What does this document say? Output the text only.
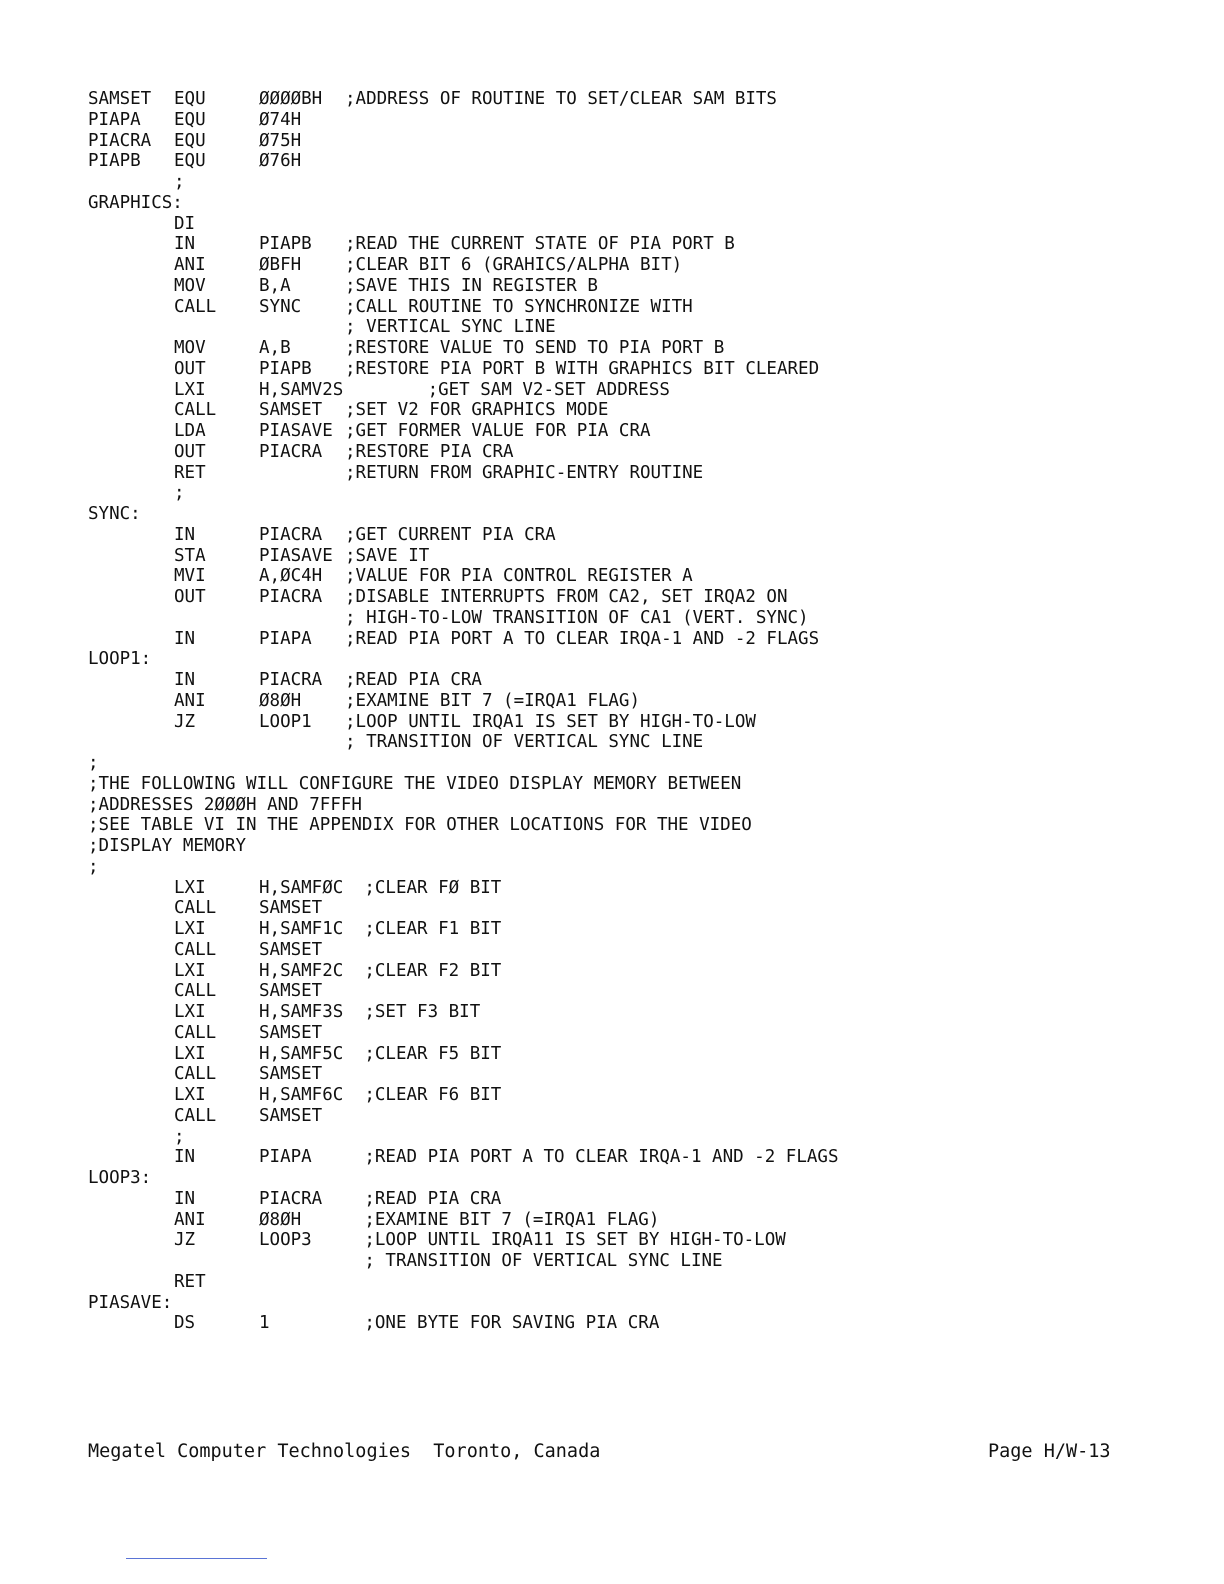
SAMSET EQU	ØØØØBH ;ADDRESS OF ROUTINE TO SET/CLEAR SAM BITS
PIAPA EQU	Ø74H
PIACRA EQU	Ø75H
PIAPB EQU	Ø76H
;
GRAPHICS:
DI
IN	PIAPB ;READ THE CURRENT STATE OF PIA PORT B
ANI	ØBFH	;CLEAR BIT 6 (GRAHICS/ALPHA BIT)
MOV	B,A	;SAVE THIS IN REGISTER B
CALL SYNC	;CALL ROUTINE TO SYNCHRONIZE WITH
; VERTICAL SYNC LINE
MOV	A,B	;RESTORE VALUE TO SEND TO PIA PORT B
OUT	PIAPB ;RESTORE PIA PORT B WITH GRAPHICS BIT CLEARED
LXI	H,SAMV2S        ;GET SAM V2-SET ADDRESS
CALL SAMSET ;SET V2 FOR GRAPHICS MODE
LDA	PIASAVE ;GET FORMER VALUE FOR PIA CRA
OUT	PIACRA ;RESTORE PIA CRA
RET	;RETURN FROM GRAPHIC-ENTRY ROUTINE
;
SYNC:
IN	PIACRA ;GET CURRENT PIA CRA
STA	PIASAVE ;SAVE IT
MVI	A,ØC4H ;VALUE FOR PIA CONTROL REGISTER A
OUT	PIACRA ;DISABLE INTERRUPTS FROM CA2, SET IRQA2 ON
; HIGH-TO-LOW TRANSITION OF CA1 (VERT. SYNC)
IN	PIAPA ;READ PIA PORT A TO CLEAR IRQA-1 AND -2 FLAGS
LOOP1:
IN	PIACRA ;READ PIA CRA
ANI	Ø8ØH	;EXAMINE BIT 7 (=IRQA1 FLAG)
JZ	LOOP1 ;LOOP UNTIL IRQA1 IS SET BY HIGH-TO-LOW
; TRANSITION OF VERTICAL SYNC LINE
;
;THE FOLLOWING WILL CONFIGURE THE VIDEO DISPLAY MEMORY BETWEEN
;ADDRESSES 2ØØØH AND 7FFFH
;SEE TABLE VI IN THE APPENDIX FOR OTHER LOCATIONS FOR THE VIDEO
;DISPLAY MEMORY
;
LXI	H,SAMFØC  ;CLEAR FØ BIT
CALL SAMSET
LXI	H,SAMF1C  ;CLEAR F1 BIT
CALL SAMSET
LXI	H,SAMF2C  ;CLEAR F2 BIT
CALL SAMSET
LXI	H,SAMF3S  ;SET F3 BIT
CALL SAMSET
LXI	H,SAMF5C  ;CLEAR F5 BIT
CALL SAMSET
LXI	H,SAMF6C  ;CLEAR F6 BIT
CALL SAMSET
;
IN	PIAPA     ;READ PIA PORT A TO CLEAR IRQA-1 AND -2 FLAGS
LOOP3:
IN	PIACRA    ;READ PIA CRA
ANI	Ø8ØH      ;EXAMINE BIT 7 (=IRQA1 FLAG)
JZ	LOOP3     ;LOOP UNTIL IRQA11 IS SET BY HIGH-TO-LOW
; TRANSITION OF VERTICAL SYNC LINE
RET
PIASAVE:
DS	1         ;ONE BYTE FOR SAVING PIA CRA
Megatel Computer Technologies  Toronto, Canada	Page H/W-13
